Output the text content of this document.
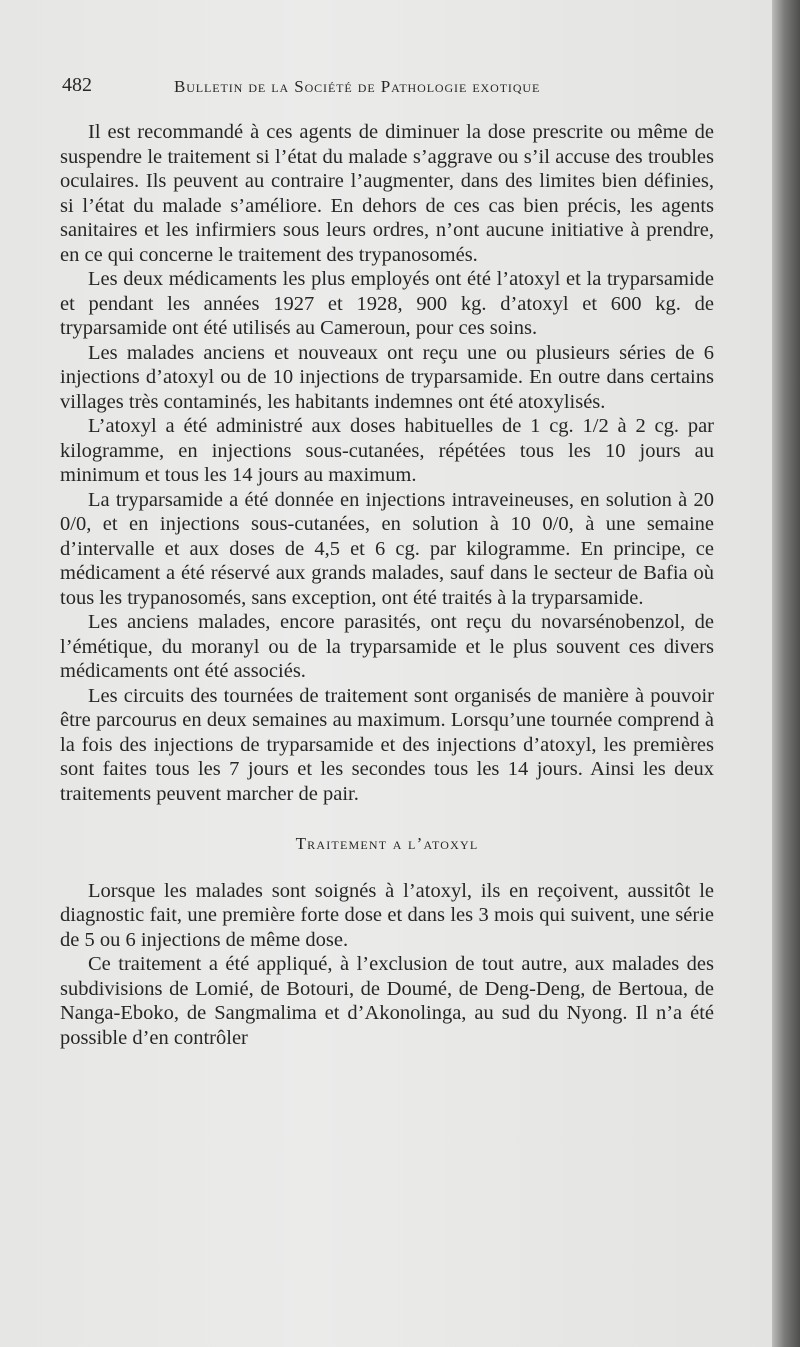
482	Bulletin de la Société de Pathologie exotique

Il est recommandé à ces agents de diminuer la dose prescrite ou même de suspendre le traitement si l’état du malade s’aggrave ou s’il accuse des troubles oculaires. Ils peuvent au contraire l’augmenter, dans des limites bien définies, si l’état du malade s’améliore. En dehors de ces cas bien précis, les agents sanitaires et les infirmiers sous leurs ordres, n’ont aucune initiative à prendre, en ce qui concerne le traitement des trypanosomés.

Les deux médicaments les plus employés ont été l’atoxyl et la tryparsamide et pendant les années 1927 et 1928, 900 kg. d’atoxyl et 600 kg. de tryparsamide ont été utilisés au Cameroun, pour ces soins.

Les malades anciens et nouveaux ont reçu une ou plusieurs séries de 6 injections d’atoxyl ou de 10 injections de tryparsamide. En outre dans certains villages très contaminés, les habitants indemnes ont été atoxylisés.

L’atoxyl a été administré aux doses habituelles de 1 cg. 1/2 à 2 cg. par kilogramme, en injections sous-cutanées, répétées tous les 10 jours au minimum et tous les 14 jours au maximum.

La tryparsamide a été donnée en injections intraveineuses, en solution à 20 0/0, et en injections sous-cutanées, en solution à 10 0/0, à une semaine d’intervalle et aux doses de 4,5 et 6 cg. par kilogramme. En principe, ce médicament a été réservé aux grands malades, sauf dans le secteur de Bafia où tous les trypanosomés, sans exception, ont été traités à la tryparsamide.

Les anciens malades, encore parasités, ont reçu du novarsénobenzol, de l’émétique, du moranyl ou de la tryparsamide et le plus souvent ces divers médicaments ont été associés.

Les circuits des tournées de traitement sont organisés de manière à pouvoir être parcourus en deux semaines au maximum. Lorsqu’une tournée comprend à la fois des injections de tryparsamide et des injections d’atoxyl, les premières sont faites tous les 7 jours et les secondes tous les 14 jours. Ainsi les deux traitements peuvent marcher de pair.

Traitement a l’atoxyl

Lorsque les malades sont soignés à l’atoxyl, ils en reçoivent, aussitôt le diagnostic fait, une première forte dose et dans les 3 mois qui suivent, une série de 5 ou 6 injections de même dose.

Ce traitement a été appliqué, à l’exclusion de tout autre, aux malades des subdivisions de Lomié, de Botouri, de Doumé, de Deng-Deng, de Bertoua, de Nanga-Eboko, de Sangmalima et d’Akonolinga, au sud du Nyong. Il n’a été possible d’en contrôler
